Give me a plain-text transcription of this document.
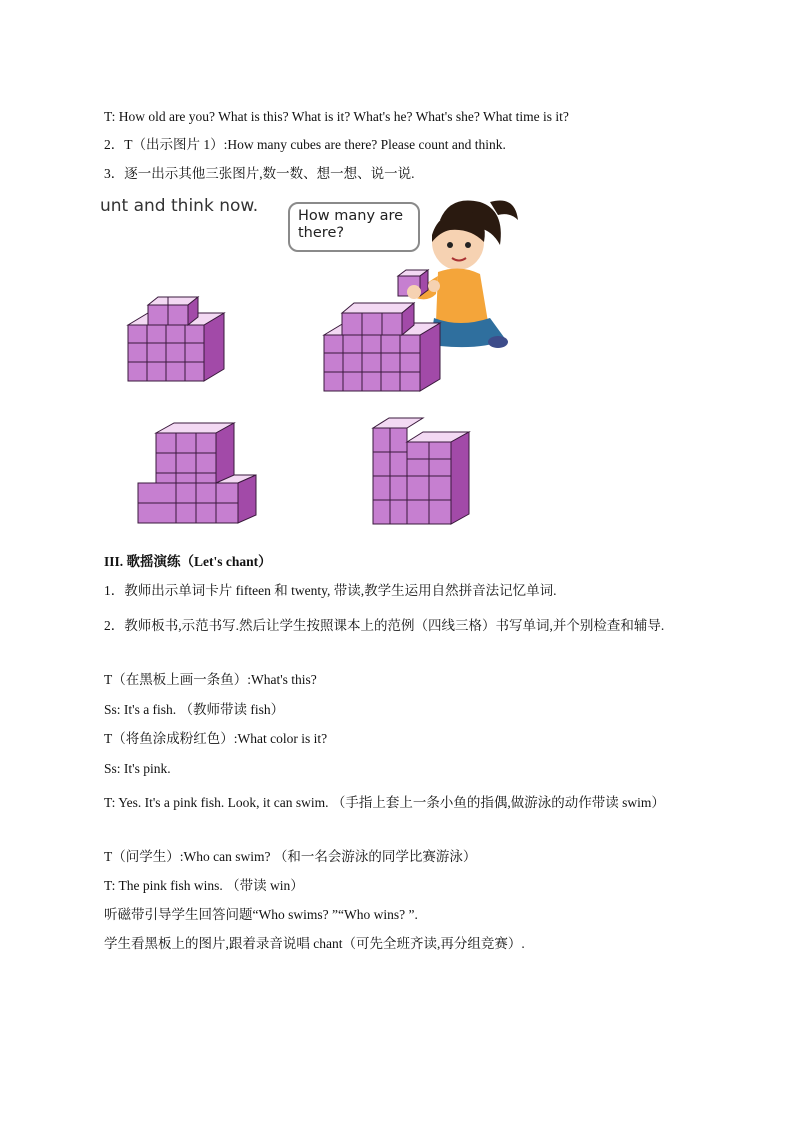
T: How old are you? What is this? What is it? What's he? What's she? What time is it?
2．T（出示图片 1）:How many cubes are there? Please count and think.
3．逐一出示其他三张图片,数一数、想一想、说一说.
unt and think now.	How many are there?
III. 歌摇演练（Let's chant）
1．教师出示单词卡片 fifteen 和 twenty, 带读,教学生运用自然拼音法记忆单词.
2．教师板书,示范书写.然后让学生按照课本上的范例（四线三格）书写单词,并个别检查和辅导.
T（在黑板上画一条鱼）:What's this?
Ss: It's a fish. （教师带读 fish）
T（将鱼涂成粉红色）:What color is it?
Ss: It's pink.
T: Yes. It's a pink fish. Look, it can swim. （手指上套上一条小鱼的指偶,做游泳的动作带读 swim）
T（问学生）:Who can swim? （和一名会游泳的同学比赛游泳）
T: The pink fish wins. （带读 win）
听磁带引导学生回答问题“Who swims? ”“Who wins? ”.
学生看黑板上的图片,跟着录音说唱 chant（可先全班齐读,再分组竞赛）.
